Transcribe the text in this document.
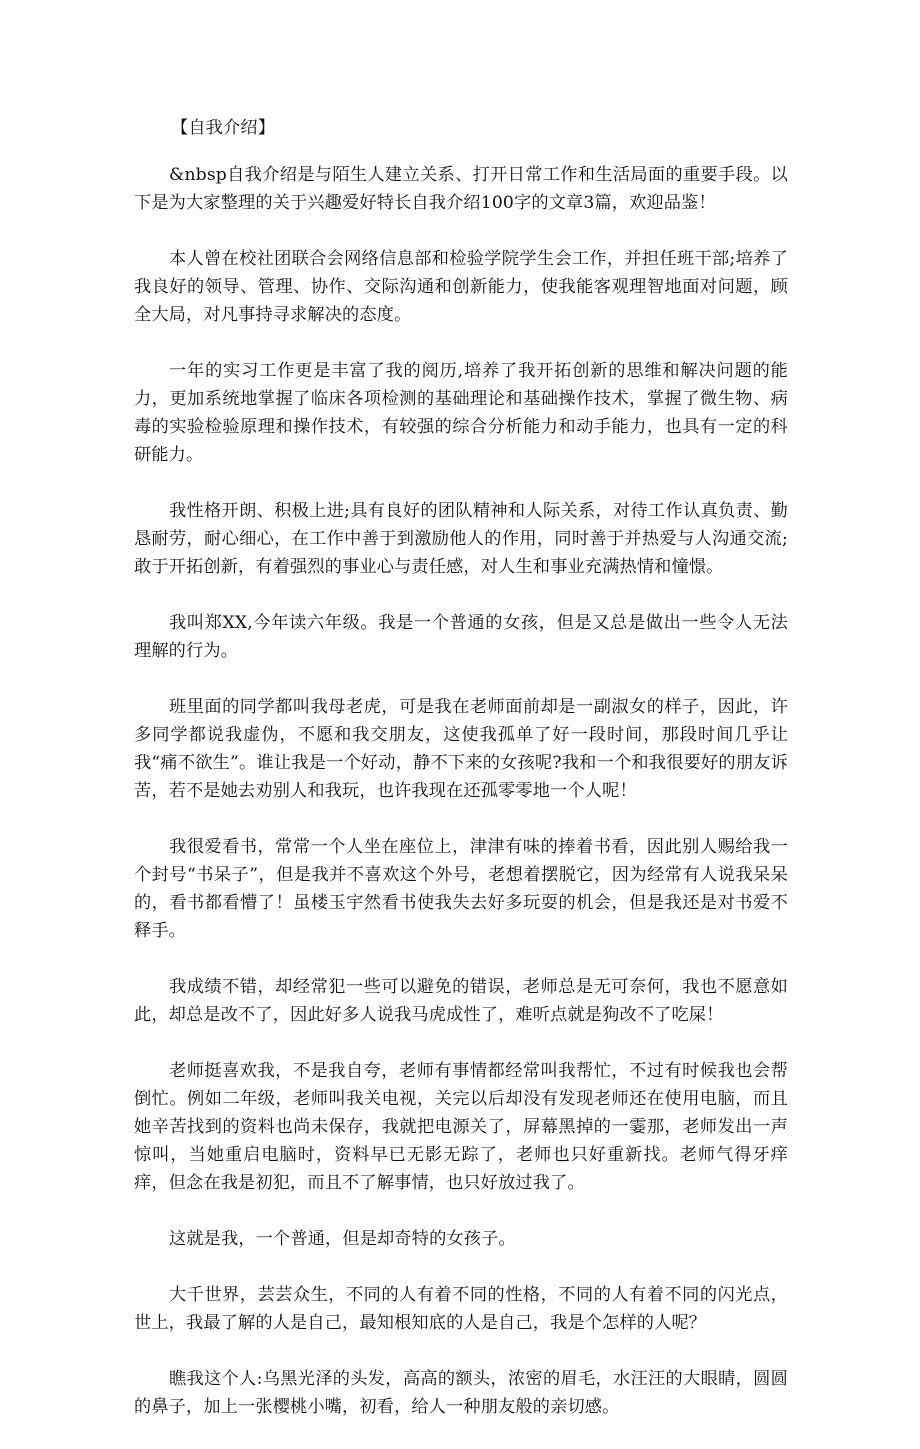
【自我介绍】

&nbsp自我介绍是与陌生人建立关系、打开日常工作和生活局面的重要手段。以下是为大家整理的关于兴趣爱好特长自我介绍100字的文章3篇，欢迎品鉴！

本人曾在校社团联合会网络信息部和检验学院学生会工作，并担任班干部;培养了我良好的领导、管理、协作、交际沟通和创新能力，使我能客观理智地面对问题，顾全大局，对凡事持寻求解决的态度。

一年的实习工作更是丰富了我的阅历,培养了我开拓创新的思维和解决问题的能力，更加系统地掌握了临床各项检测的基础理论和基础操作技术，掌握了微生物、病毒的实验检验原理和操作技术，有较强的综合分析能力和动手能力，也具有一定的科研能力。

我性格开朗、积极上进;具有良好的团队精神和人际关系，对待工作认真负责、勤恳耐劳，耐心细心，在工作中善于到激励他人的作用，同时善于并热爱与人沟通交流;敢于开拓创新，有着强烈的事业心与责任感，对人生和事业充满热情和憧憬。

我叫郑XX,今年读六年级。我是一个普通的女孩，但是又总是做出一些令人无法理解的行为。

班里面的同学都叫我母老虎，可是我在老师面前却是一副淑女的样子，因此，许多同学都说我虚伪，不愿和我交朋友，这使我孤单了好一段时间，那段时间几乎让我“痛不欲生”。谁让我是一个好动，静不下来的女孩呢?我和一个和我很要好的朋友诉苦，若不是她去劝别人和我玩，也许我现在还孤零零地一个人呢！

我很爱看书，常常一个人坐在座位上，津津有味的捧着书看，因此别人赐给我一个封号“书呆子”，但是我并不喜欢这个外号，老想着摆脱它，因为经常有人说我呆呆的，看书都看懵了！虽楼玉宇然看书使我失去好多玩耍的机会，但是我还是对书爱不释手。

我成绩不错，却经常犯一些可以避免的错误，老师总是无可奈何，我也不愿意如此，却总是改不了，因此好多人说我马虎成性了，难听点就是狗改不了吃屎！

老师挺喜欢我，不是我自夸，老师有事情都经常叫我帮忙，不过有时候我也会帮倒忙。例如二年级，老师叫我关电视，关完以后却没有发现老师还在使用电脑，而且她辛苦找到的资料也尚未保存，我就把电源关了，屏幕黑掉的一霎那，老师发出一声惊叫，当她重启电脑时，资料早已无影无踪了，老师也只好重新找。老师气得牙痒痒，但念在我是初犯，而且不了解事情，也只好放过我了。

这就是我，一个普通，但是却奇特的女孩子。

大千世界，芸芸众生，不同的人有着不同的性格，不同的人有着不同的闪光点，世上，我最了解的人是自己，最知根知底的人是自己，我是个怎样的人呢？

瞧我这个人:乌黑光泽的头发，高高的额头，浓密的眉毛，水汪汪的大眼睛，圆圆的鼻子，加上一张樱桃小嘴，初看，给人一种朋友般的亲切感。
